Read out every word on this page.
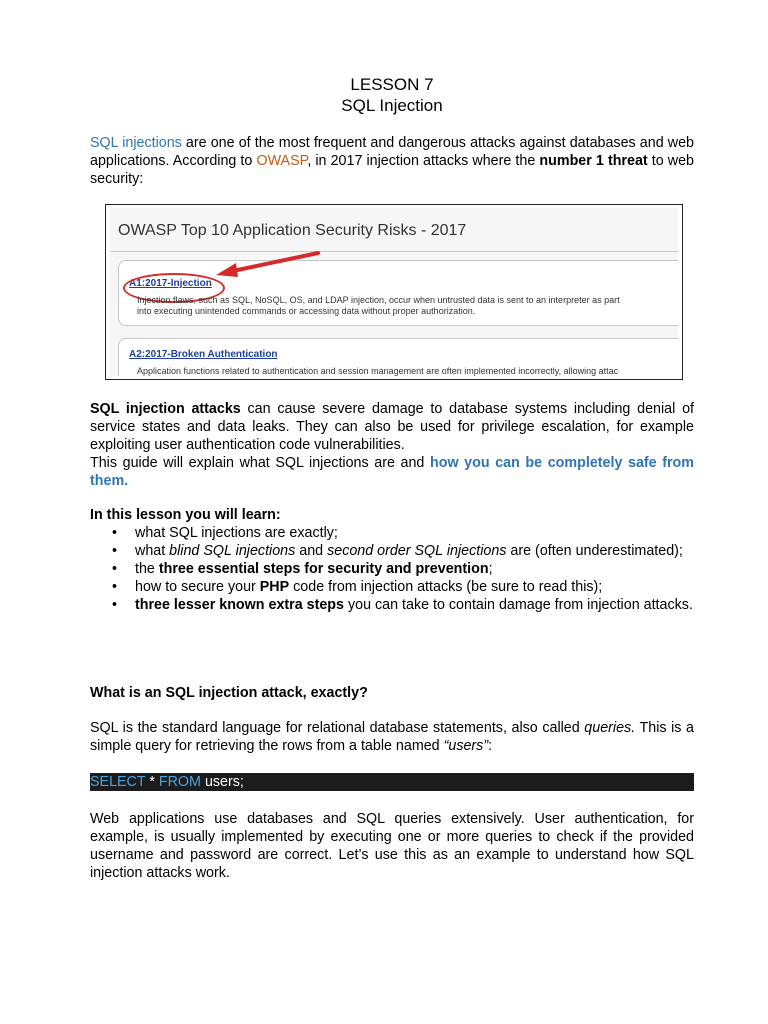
LESSON 7
SQL Injection
SQL injections are one of the most frequent and dangerous attacks against databases and web applications. According to OWASP, in 2017 injection attacks where the number 1 threat to web security:
SQL injection attacks can cause severe damage to database systems including denial of service states and data leaks. They can also be used for privilege escalation, for example exploiting user authentication code vulnerabilities.
This guide will explain what SQL injections are and how you can be completely safe from them.
In this lesson you will learn:
• what SQL injections are exactly;
• what blind SQL injections and second order SQL injections are (often underestimated);
• the three essential steps for security and prevention;
• how to secure your PHP code from injection attacks (be sure to read this);
• three lesser known extra steps you can take to contain damage from injection attacks.
What is an SQL injection attack, exactly?
SQL is the standard language for relational database statements, also called queries. This is a simple query for retrieving the rows from a table named “users”:
SELECT * FROM users;
Web applications use databases and SQL queries extensively. User authentication, for example, is usually implemented by executing one or more queries to check if the provided username and password are correct. Let’s use this as an example to understand how SQL injection attacks work.
OWASP Top 10 Application Security Risks - 2017
A1:2017-Injection
Injection flaws, such as SQL, NoSQL, OS, and LDAP injection, occur when untrusted data is sent to an interpreter as part
into executing unintended commands or accessing data without proper authorization.
A2:2017-Broken Authentication
Application functions related to authentication and session management are often implemented incorrectly, allowing attac
